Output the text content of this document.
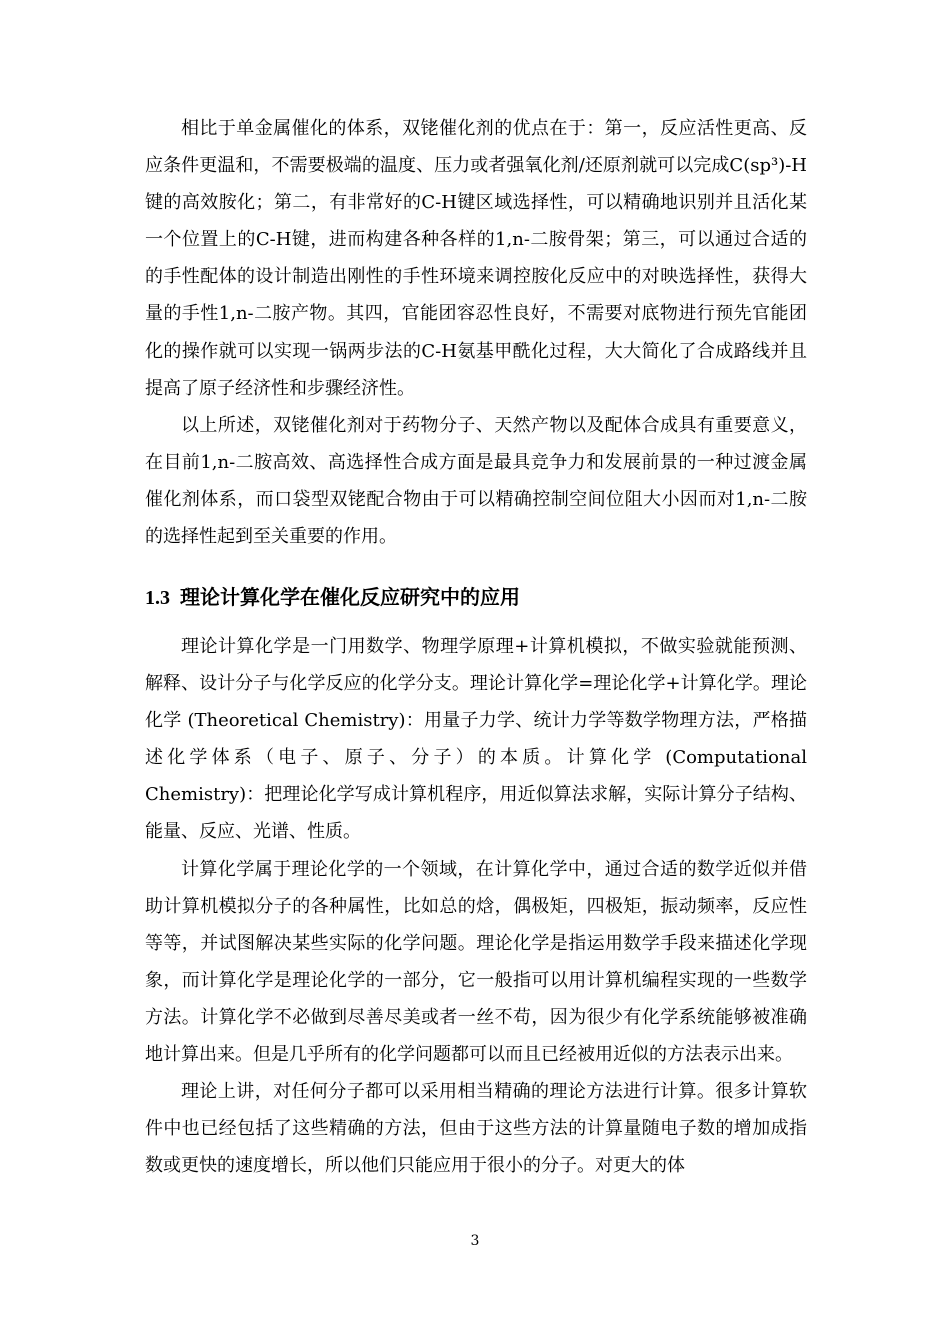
相比于单金属催化的体系，双铑催化剂的优点在于：第一，反应活性更高、反应条件更温和，不需要极端的温度、压力或者强氧化剂/还原剂就可以完成C(sp³)-H键的高效胺化；第二，有非常好的C-H键区域选择性，可以精确地识别并且活化某一个位置上的C-H键，进而构建各种各样的1,n-二胺骨架；第三，可以通过合适的的手性配体的设计制造出刚性的手性环境来调控胺化反应中的对映选择性，获得大量的手性1,n-二胺产物。其四，官能团容忍性良好，不需要对底物进行预先官能团化的操作就可以实现一锅两步法的C-H氨基甲酰化过程，大大简化了合成路线并且提高了原子经济性和步骤经济性。

以上所述，双铑催化剂对于药物分子、天然产物以及配体合成具有重要意义，在目前1,n-二胺高效、高选择性合成方面是最具竞争力和发展前景的一种过渡金属催化剂体系，而口袋型双铑配合物由于可以精确控制空间位阻大小因而对1,n-二胺的选择性起到至关重要的作用。

1.3 理论计算化学在催化反应研究中的应用

理论计算化学是一门用数学、物理学原理+计算机模拟，不做实验就能预测、解释、设计分子与化学反应的化学分支。理论计算化学=理论化学+计算化学。理论化学 (Theoretical Chemistry)：用量子力学、统计力学等数学物理方法，严格描述化学体系（电子、原子、分子）的本质。计算化学 (Computational Chemistry)：把理论化学写成计算机程序，用近似算法求解，实际计算分子结构、能量、反应、光谱、性质。

计算化学属于理论化学的一个领域，在计算化学中，通过合适的数学近似并借助计算机模拟分子的各种属性，比如总的焓，偶极矩，四极矩，振动频率，反应性等等，并试图解决某些实际的化学问题。理论化学是指运用数学手段来描述化学现象，而计算化学是理论化学的一部分，它一般指可以用计算机编程实现的一些数学方法。计算化学不必做到尽善尽美或者一丝不苟，因为很少有化学系统能够被准确地计算出来。但是几乎所有的化学问题都可以而且已经被用近似的方法表示出来。

理论上讲，对任何分子都可以采用相当精确的理论方法进行计算。很多计算软件中也已经包括了这些精确的方法，但由于这些方法的计算量随电子数的增加成指数或更快的速度增长，所以他们只能应用于很小的分子。对更大的体

3
